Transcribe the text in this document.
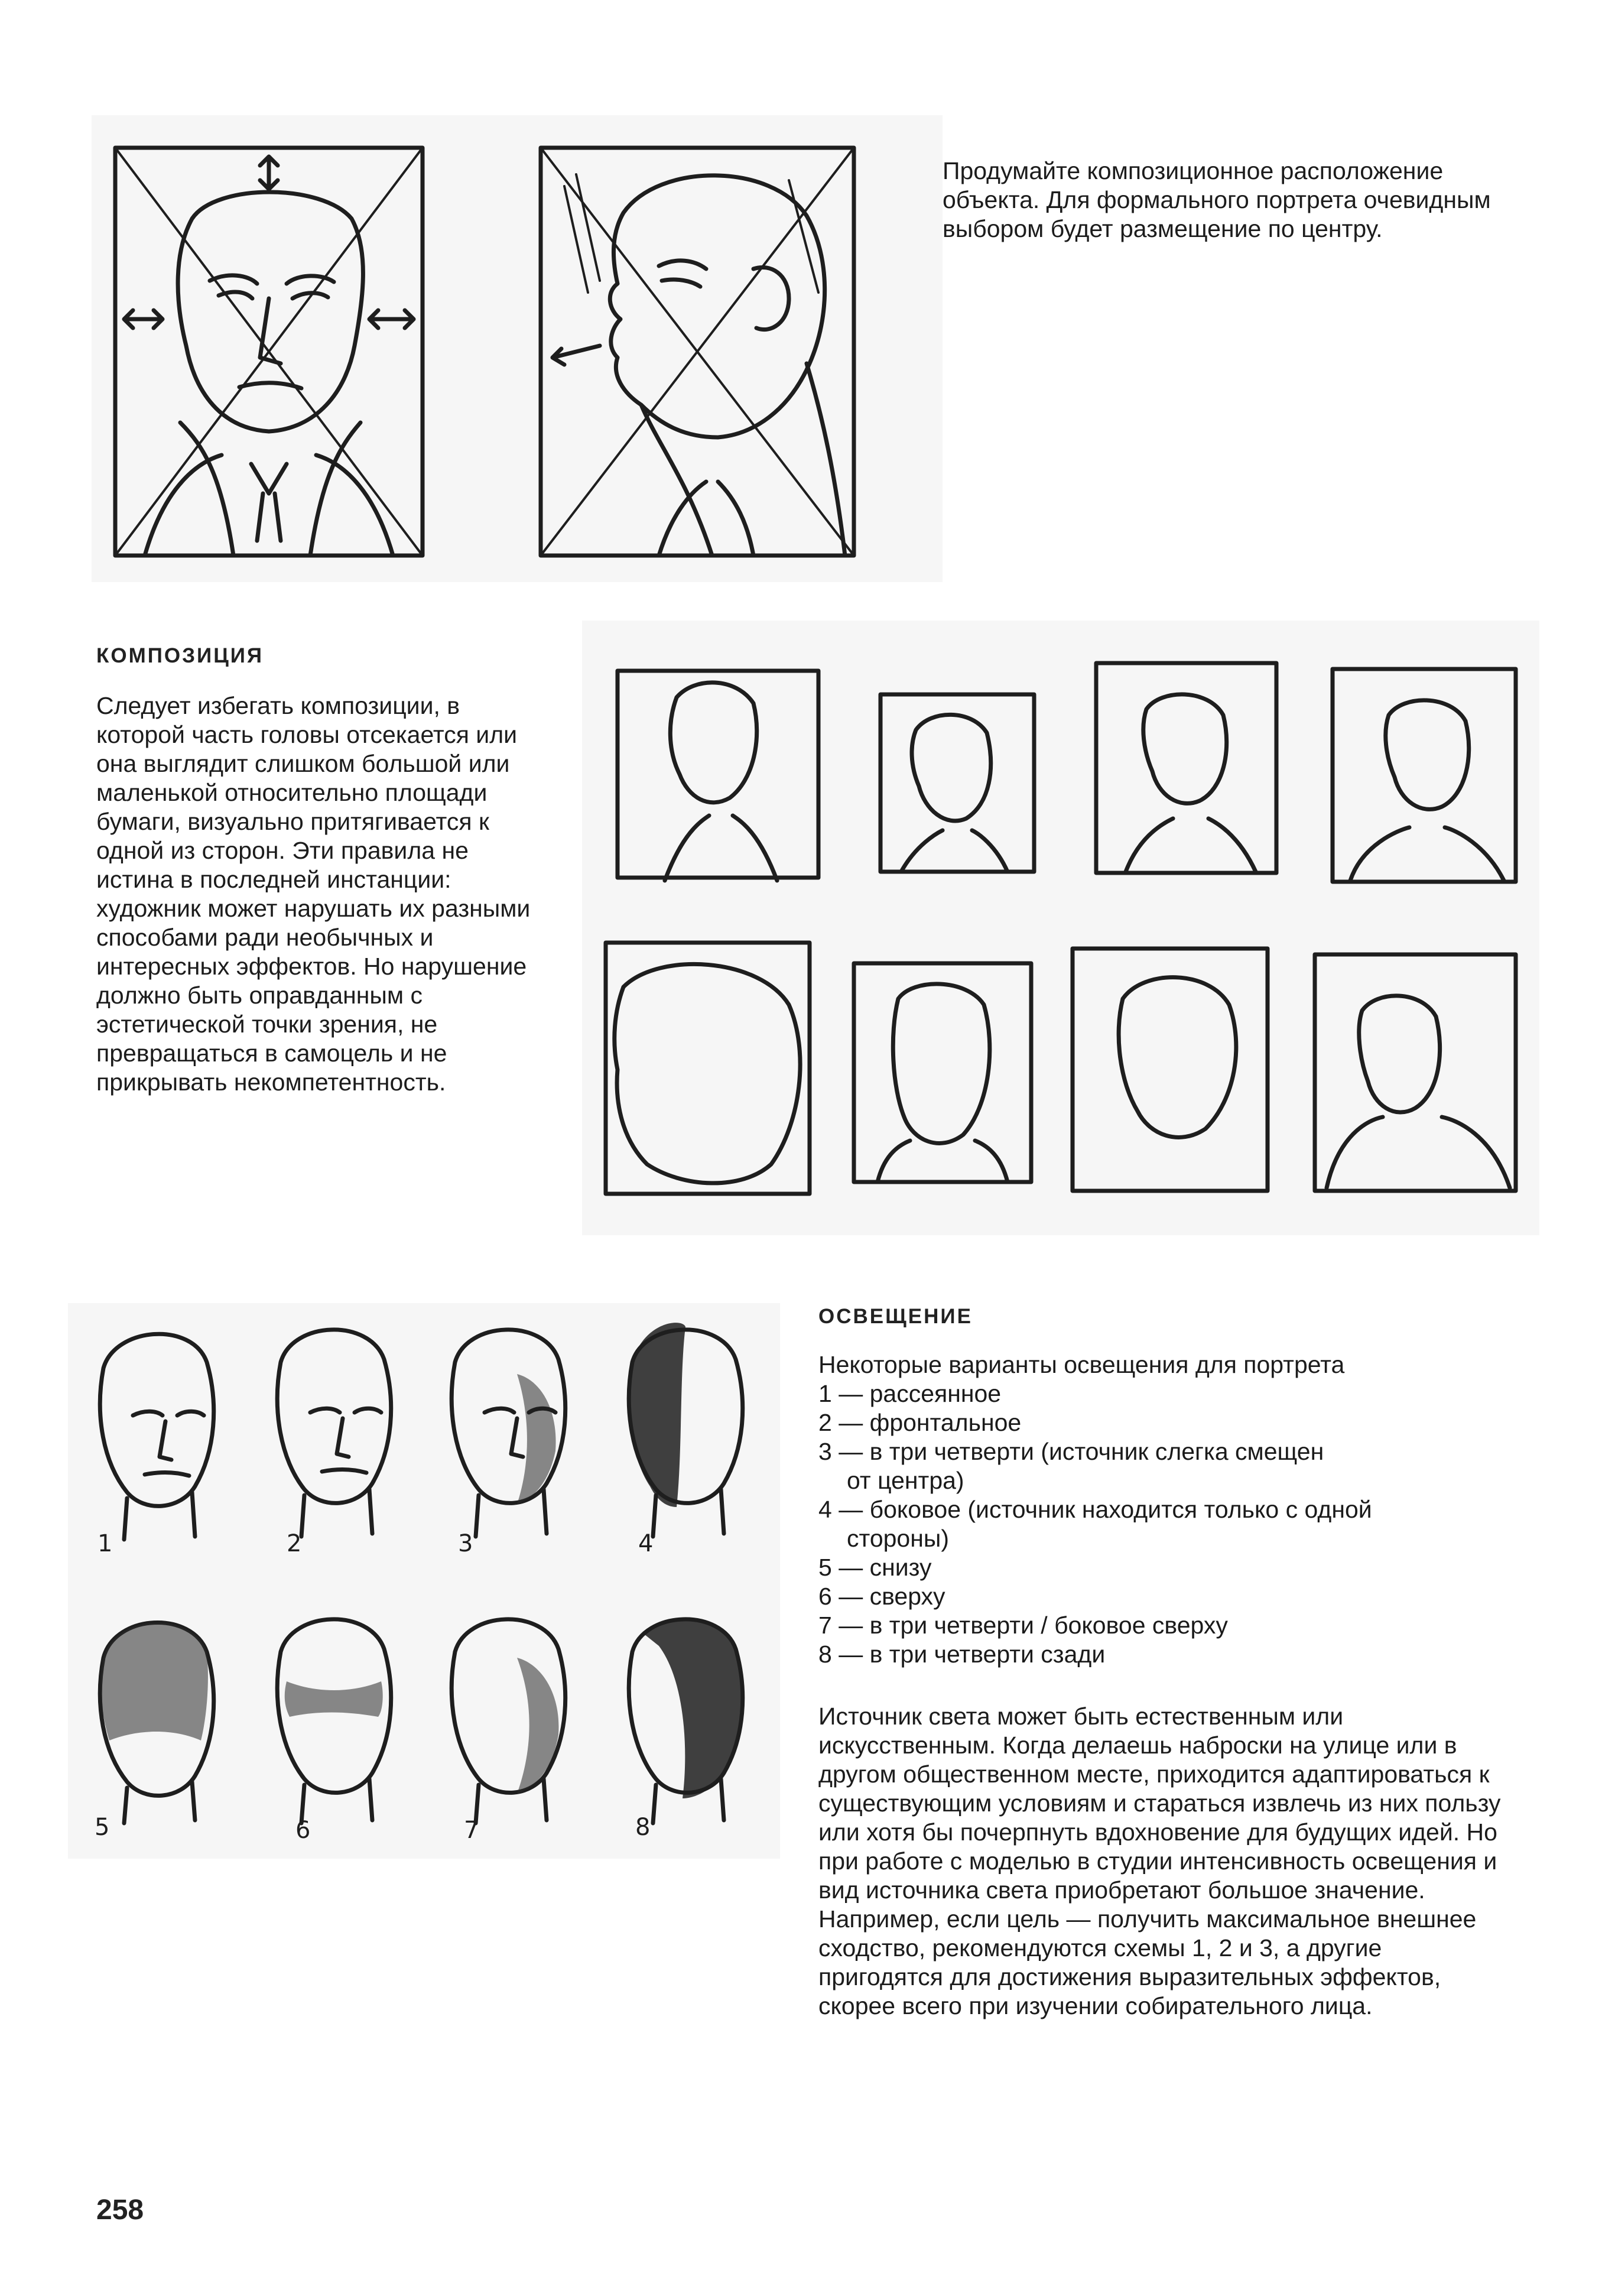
Продумайте композиционное расположение объекта. Для формального портрета очевидным выбором будет размещение по центру.
КОМПОЗИЦИЯ
Следует избегать композиции, в которой часть головы отсекается или она выглядит слишком большой или маленькой относительно площади бумаги, визуально притягивается к одной из сторон. Эти правила не истина в последней инстанции: художник может нарушать их разными способами ради необычных и интересных эффектов. Но нарушение должно быть оправданным с эстетической точки зрения, не превращаться в самоцель и не прикрывать некомпетентность.
1	2	3	4
5	6	7	8
ОСВЕЩЕНИЕ
Некоторые варианты освещения для портрета
1 — рассеянное
2 — фронтальное
3 — в три четверти (источник слегка смещен
от центра)
4 — боковое (источник находится только с одной
стороны)
5 — снизу
6 — сверху
7 — в три четверти / боковое сверху
8 — в три четверти сзади
Источник света может быть естественным или искусственным. Когда делаешь наброски на улице или в другом общественном месте, приходится адаптироваться к существующим условиям и стараться извлечь из них пользу или хотя бы почерпнуть вдохновение для будущих идей. Но при работе с моделью в студии интенсивность освещения и вид источника света приобретают большое значение. Например, если цель — получить максимальное внешнее сходство, рекомендуются схемы 1, 2 и 3, а другие пригодятся для достижения выразительных эффектов, скорее всего при изучении собирательного лица.
258
